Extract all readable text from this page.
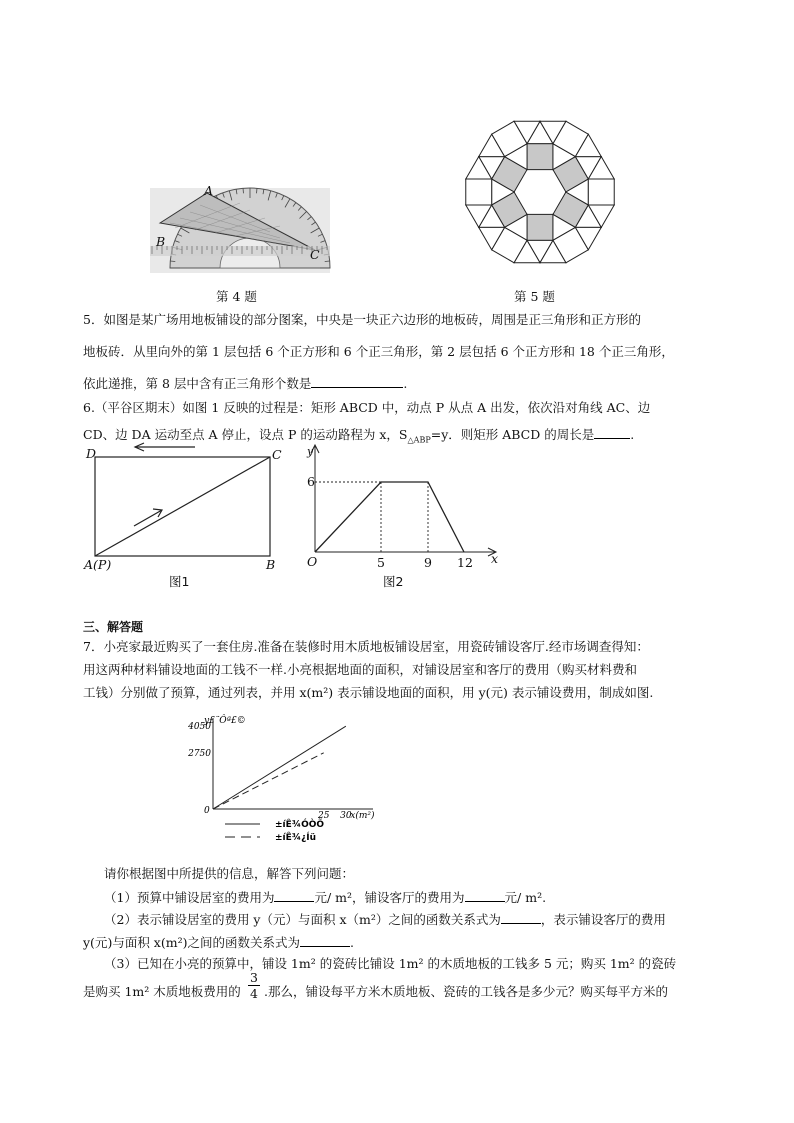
A
B
C
第 4 题	第 5 题
5．如图是某广场用地板铺设的部分图案，中央是一块正六边形的地板砖，周围是正三角形和正方形的
地板砖．从里向外的第 1 层包括 6 个正方形和 6 个正三角形，第 2 层包括 6 个正方形和 18 个正三角形，
依此递推，第 8 层中含有正三角形个数是	.
6.（平谷区期末）如图 1 反映的过程是：矩形 ABCD 中，动点 P 从点 A 出发，依次沿对角线 AC、边
CD、边 DA 运动至点 A 停止，设点 P 的运动路程为 x，$S_{\triangle ABP}=y$．则矩形 ABCD 的周长是	.
D	C
A(P)	B
图1
y
6
O	5	9 12 x
图2
三、解答题
7．小亮家最近购买了一套住房.准备在装修时用木质地板铺设居室，用瓷砖铺设客厅.经市场调查得知：
用这两种材料铺设地面的工钱不一样.小亮根据地面的面积，对铺设居室和客厅的费用（购买材料费和
工钱）分别做了预算，通过列表，并用 x(m²) 表示铺设地面的面积，用 y(元) 表示铺设费用，制成如图.
y£¨Ôª£©
0
2750
4050
25 30
x(m²)
±íÊ¾ÓÒÕ
±íÊ¾¿Íü
请你根据图中所提供的信息，解答下列问题：
（1）预算中铺设居室的费用为	元/ m²，铺设客厅的费用为	元/ m².
（2）表示铺设居室的费用 y（元）与面积 x（m²）之间的函数关系式为	，表示铺设客厅的费用
y(元)与面积 x(m²)之间的函数关系式为	.
（3）已知在小亮的预算中，铺设 1m² 的瓷砖比铺设 1m² 的木质地板的工钱多 5 元；购买 1m² 的瓷砖
是购买 1m² 木质地板费用的 $\frac{3}{4}$ .那么，铺设每平方米木质地板、瓷砖的工钱各是多少元？购买每平方米的
